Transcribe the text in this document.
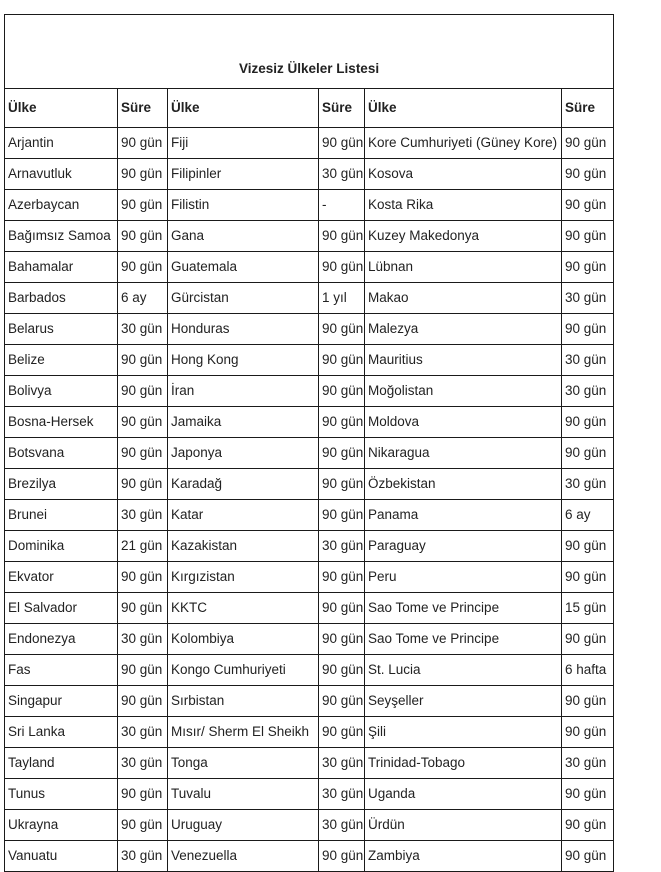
Vizesiz Ülkeler Listesi					
Ülke	Süre	Ülke	Süre	Ülke	Süre
Arjantin	90 gün	Fiji	90 gün	Kore Cumhuriyeti (Güney Kore)	90 gün
Arnavutluk	90 gün	Filipinler	30 gün	Kosova	90 gün
Azerbaycan	90 gün	Filistin	-	Kosta Rika	90 gün
Bağımsız Samoa	90 gün	Gana	90 gün	Kuzey Makedonya	90 gün
Bahamalar	90 gün	Guatemala	90 gün	Lübnan	90 gün
Barbados	6 ay	Gürcistan	1 yıl	Makao	30 gün
Belarus	30 gün	Honduras	90 gün	Malezya	90 gün
Belize	90 gün	Hong Kong	90 gün	Mauritius	30 gün
Bolivya	90 gün	İran	90 gün	Moğolistan	30 gün
Bosna-Hersek	90 gün	Jamaika	90 gün	Moldova	90 gün
Botsvana	90 gün	Japonya	90 gün	Nikaragua	90 gün
Brezilya	90 gün	Karadağ	90 gün	Özbekistan	30 gün
Brunei	30 gün	Katar	90 gün	Panama	6 ay
Dominika	21 gün	Kazakistan	30 gün	Paraguay	90 gün
Ekvator	90 gün	Kırgızistan	90 gün	Peru	90 gün
El Salvador	90 gün	KKTC	90 gün	Sao Tome ve Principe	15 gün
Endonezya	30 gün	Kolombiya	90 gün	Sao Tome ve Principe	90 gün
Fas	90 gün	Kongo Cumhuriyeti	90 gün	St. Lucia	6 hafta
Singapur	90 gün	Sırbistan	90 gün	Seyşeller	90 gün
Sri Lanka	30 gün	Mısır/ Sherm El Sheikh	90 gün	Şili	90 gün
Tayland	30 gün	Tonga	30 gün	Trinidad-Tobago	30 gün
Tunus	90 gün	Tuvalu	30 gün	Uganda	90 gün
Ukrayna	90 gün	Uruguay	30 gün	Ürdün	90 gün
Vanuatu	30 gün	Venezuella	90 gün	Zambiya	90 gün
